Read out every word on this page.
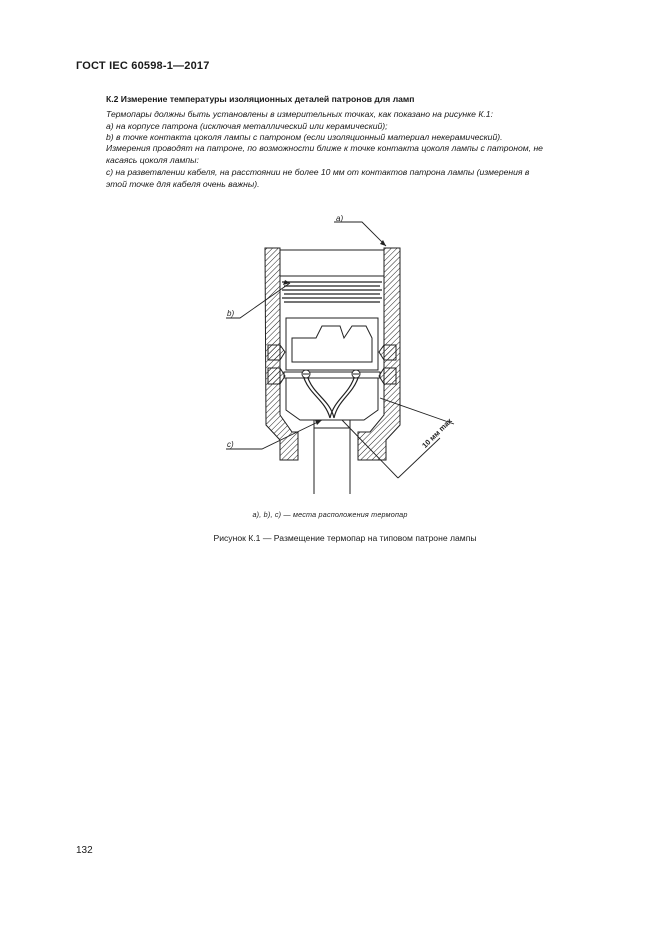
ГОСТ IEC 60598-1—2017
К.2 Измерение температуры изоляционных деталей патронов для ламп
Термопары должны быть установлены в измерительных точках, как показано на рисунке К.1:
а) на корпусе патрона (исключая металлический или керамический);
b) в точке контакта цоколя лампы с патроном (если изоляционный материал некерамический).
Измерения проводят на патроне, по возможности ближе к точке контакта цоколя лампы с патроном, не
касаясь цоколя лампы:
с) на разветвлении кабеля, на расстоянии не более 10 мм от контактов патрона лампы (измерения в
этой точке для кабеля очень важны).
a)
b)
c)	10 мм max
а), b), c) — места расположения термопар
Рисунок К.1 — Размещение термопар на типовом патроне лампы
132
